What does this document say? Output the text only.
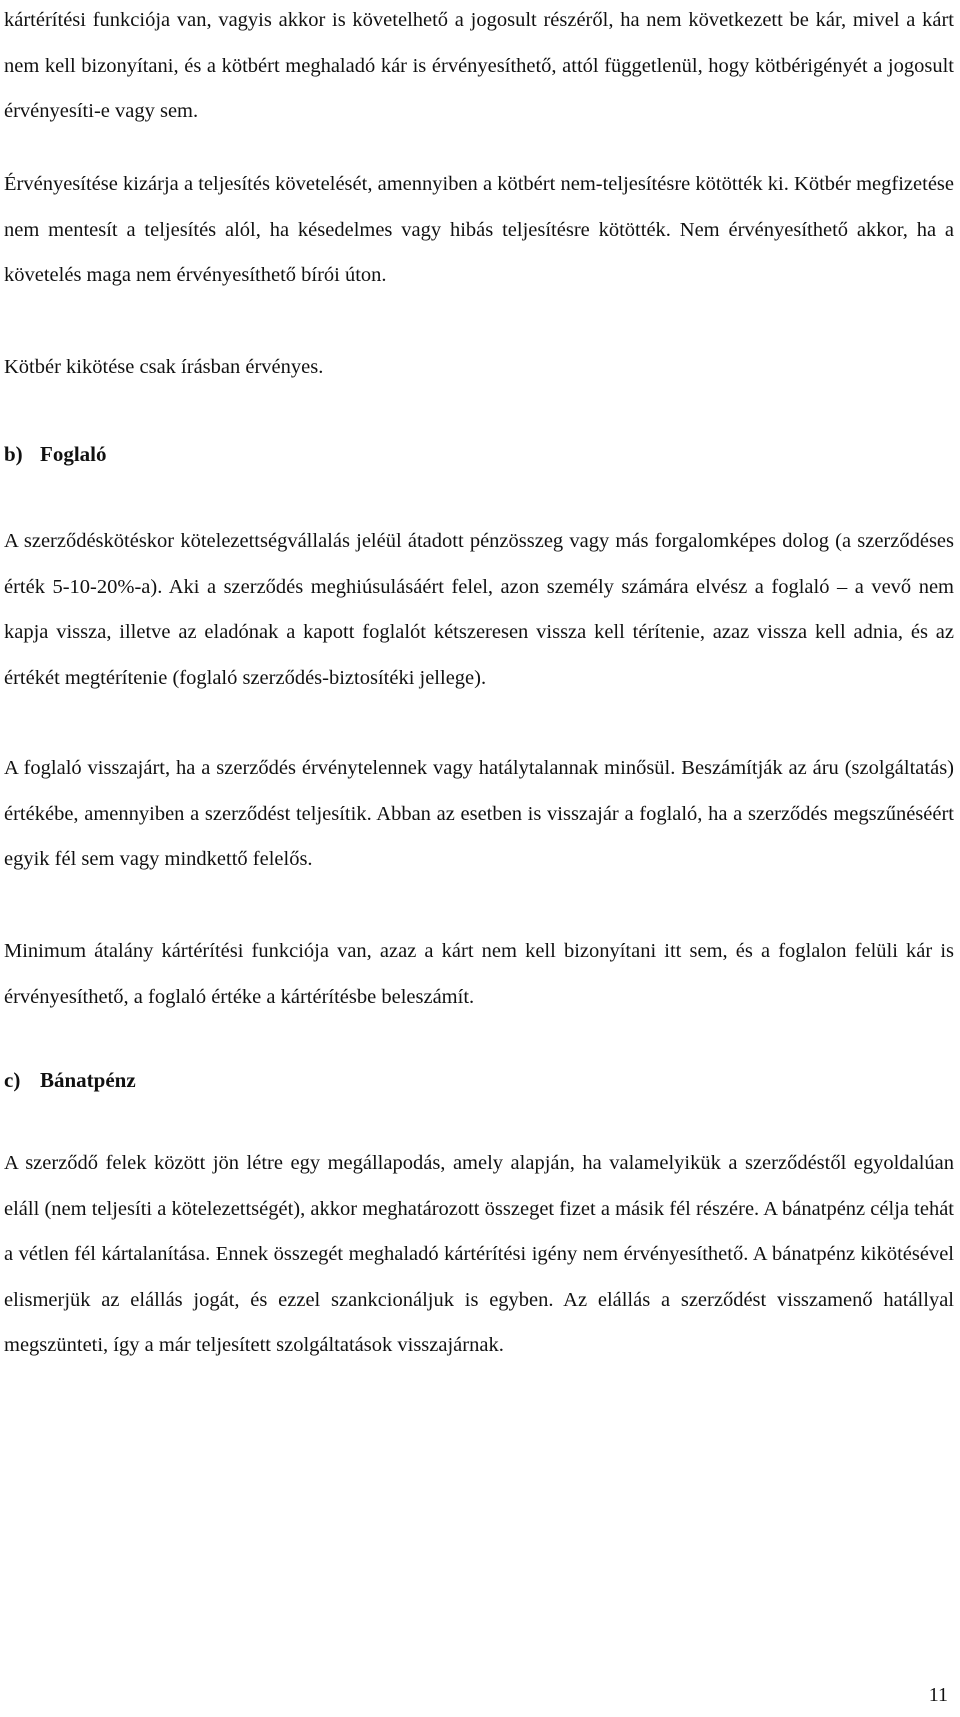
kártérítési funkciója van, vagyis akkor is követelhető a jogosult részéről, ha nem következett be kár, mivel a kárt nem kell bizonyítani, és a kötbért meghaladó kár is érvényesíthető, attól függetlenül, hogy kötbérigényét a jogosult érvényesíti-e vagy sem.

Érvényesítése kizárja a teljesítés követelését, amennyiben a kötbért nem-teljesítésre kötötték ki. Kötbér megfizetése nem mentesít a teljesítés alól, ha késedelmes vagy hibás teljesítésre kötötték. Nem érvényesíthető akkor, ha a követelés maga nem érvényesíthető bírói úton.

Kötbér kikötése csak írásban érvényes.

b) Foglaló

A szerződéskötéskor kötelezettségvállalás jeléül átadott pénzösszeg vagy más forgalomképes dolog (a szerződéses érték 5-10-20%-a). Aki a szerződés meghiúsulásáért felel, azon személy számára elvész a foglaló – a vevő nem kapja vissza, illetve az eladónak a kapott foglalót kétszeresen vissza kell térítenie, azaz vissza kell adnia, és az értékét megtérítenie (foglaló szerződés-biztosítéki jellege).

A foglaló visszajárt, ha a szerződés érvénytelennek vagy hatálytalannak minősül. Beszámítják az áru (szolgáltatás) értékébe, amennyiben a szerződést teljesítik. Abban az esetben is visszajár a foglaló, ha a szerződés megszűnéséért egyik fél sem vagy mindkettő felelős.

Minimum átalány kártérítési funkciója van, azaz a kárt nem kell bizonyítani itt sem, és a foglalon felüli kár is érvényesíthető, a foglaló értéke a kártérítésbe beleszámít.

c) Bánatpénz

A szerződő felek között jön létre egy megállapodás, amely alapján, ha valamelyikük a szerződéstől egyoldalúan eláll (nem teljesíti a kötelezettségét), akkor meghatározott összeget fizet a másik fél részére. A bánatpénz célja tehát a vétlen fél kártalanítása. Ennek összegét meghaladó kártérítési igény nem érvényesíthető. A bánatpénz kikötésével elismerjük az elállás jogát, és ezzel szankcionáljuk is egyben. Az elállás a szerződést visszamenő hatállyal megszünteti, így a már teljesített szolgáltatások visszajárnak.

11
